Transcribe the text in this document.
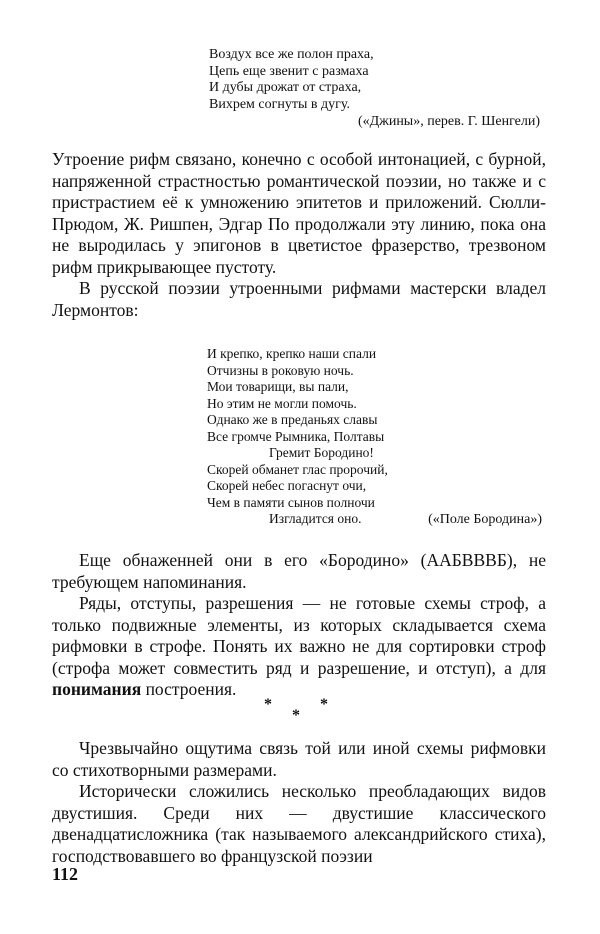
Воздух все же полон праха,
Цепь еще звенит с размаха
И дубы дрожат от страха,
Вихрем согнуты в дугу.
(«Джины», перев. Г. Шенгели)

Утроение рифм связано, конечно с особой интонацией, с бурной, напряженной страстностью романтической поэзии, но также и с пристрастием её к умножению эпитетов и приложений. Сюлли-Прюдом, Ж. Ришпен, Эдгар По продолжали эту линию, пока она не выродилась у эпигонов в цветистое фразерство, трезвоном рифм прикрывающее пустоту.

В русской поэзии утроенными рифмами мастерски владел Лермонтов:

И крепко, крепко наши спали
Отчизны в роковую ночь.
Мои товарищи, вы пали,
Но этим не могли помочь.
Однако же в преданьях славы
Все громче Рымника, Полтавы
Гремит Бородино!
Скорей обманет глас пророчий,
Скорей небес погаснут очи,
Чем в памяти сынов полночи
Изгладится оно.	(«Поле Бородина»)

Еще обнаженней они в его «Бородино» (ААБВВВБ), не требующем напоминания.

Ряды, отступы, разрешения — не готовые схемы строф, а только подвижные элементы, из которых складывается схема рифмовки в строфе. Понять их важно не для сортировки строф (строфа может совместить ряд и разрешение, и отступ), а для понимания построения.

*
*
*

Чрезвычайно ощутима связь той или иной схемы рифмовки со стихотворными размерами.

Исторически сложились несколько преобладающих видов двустишия. Среди них — двустишие классического двенадцатисложника (так называемого александрийского стиха), господствовавшего во французской поэзии

112
